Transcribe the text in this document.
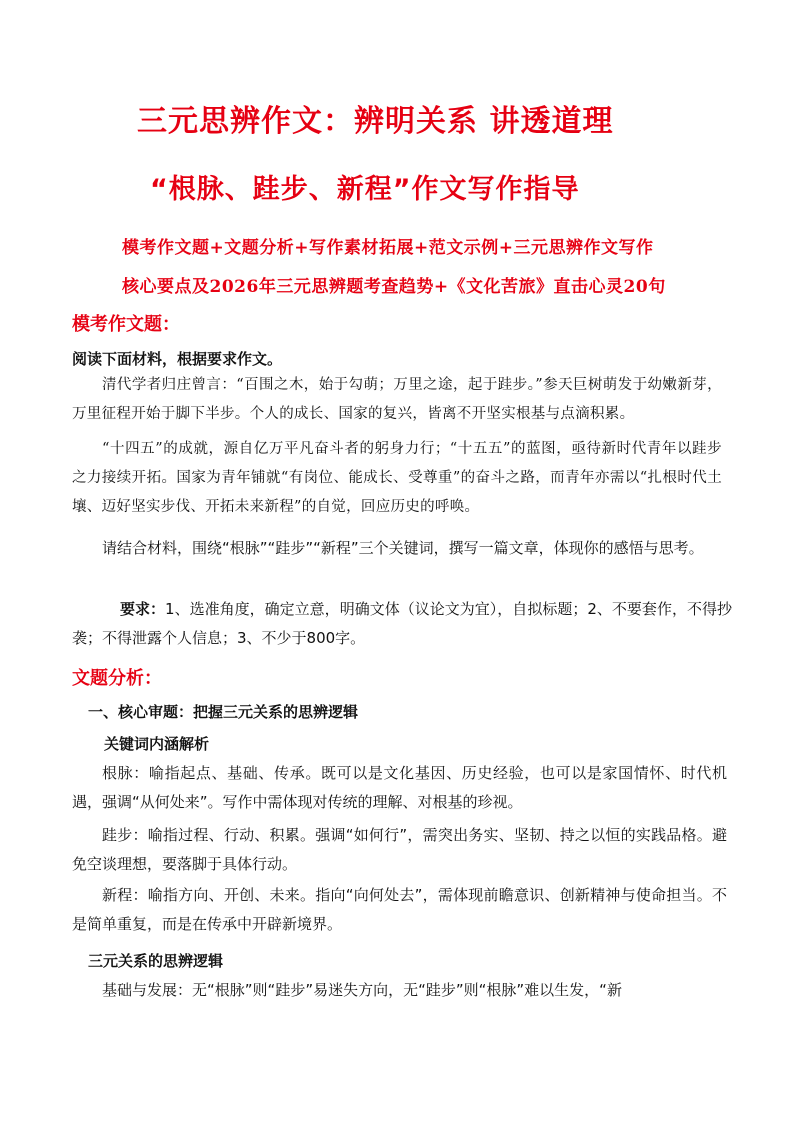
三元思辨作文：辨明关系 讲透道理
“根脉、跬步、新程”作文写作指导
模考作文题+文题分析+写作素材拓展+范文示例+三元思辨作文写作
核心要点及2026年三元思辨题考查趋势+《文化苦旅》直击心灵20句
模考作文题：
阅读下面材料，根据要求作文。

清代学者归庄曾言：“百围之木，始于勾萌；万里之途，起于跬步。”参天巨树萌发于幼嫩新芽，万里征程开始于脚下半步。个人的成长、国家的复兴，皆离不开坚实根基与点滴积累。

“十四五”的成就，源自亿万平凡奋斗者的躬身力行；“十五五”的蓝图，亟待新时代青年以跬步之力接续开拓。国家为青年铺就“有岗位、能成长、受尊重”的奋斗之路，而青年亦需以“扎根时代土壤、迈好坚实步伐、开拓未来新程”的自觉，回应历史的呼唤。

请结合材料，围绕“根脉”“跬步”“新程”三个关键词，撰写一篇文章，体现你的感悟与思考。

要求：1、选准角度，确定立意，明确文体（议论文为宜），自拟标题；2、不要套作，不得抄袭；不得泄露个人信息；3、不少于800字。

文题分析：
一、核心审题：把握三元关系的思辨逻辑
关键词内涵解析

根脉：喻指起点、基础、传承。既可以是文化基因、历史经验，也可以是家国情怀、时代机遇，强调“从何处来”。写作中需体现对传统的理解、对根基的珍视。

跬步：喻指过程、行动、积累。强调“如何行”，需突出务实、坚韧、持之以恒的实践品格。避免空谈理想，要落脚于具体行动。

新程：喻指方向、开创、未来。指向“向何处去”，需体现前瞻意识、创新精神与使命担当。不是简单重复，而是在传承中开辟新境界。

三元关系的思辨逻辑

基础与发展：无“根脉”则“跬步”易迷失方向，无“跬步”则“根脉”难以生发，“新
